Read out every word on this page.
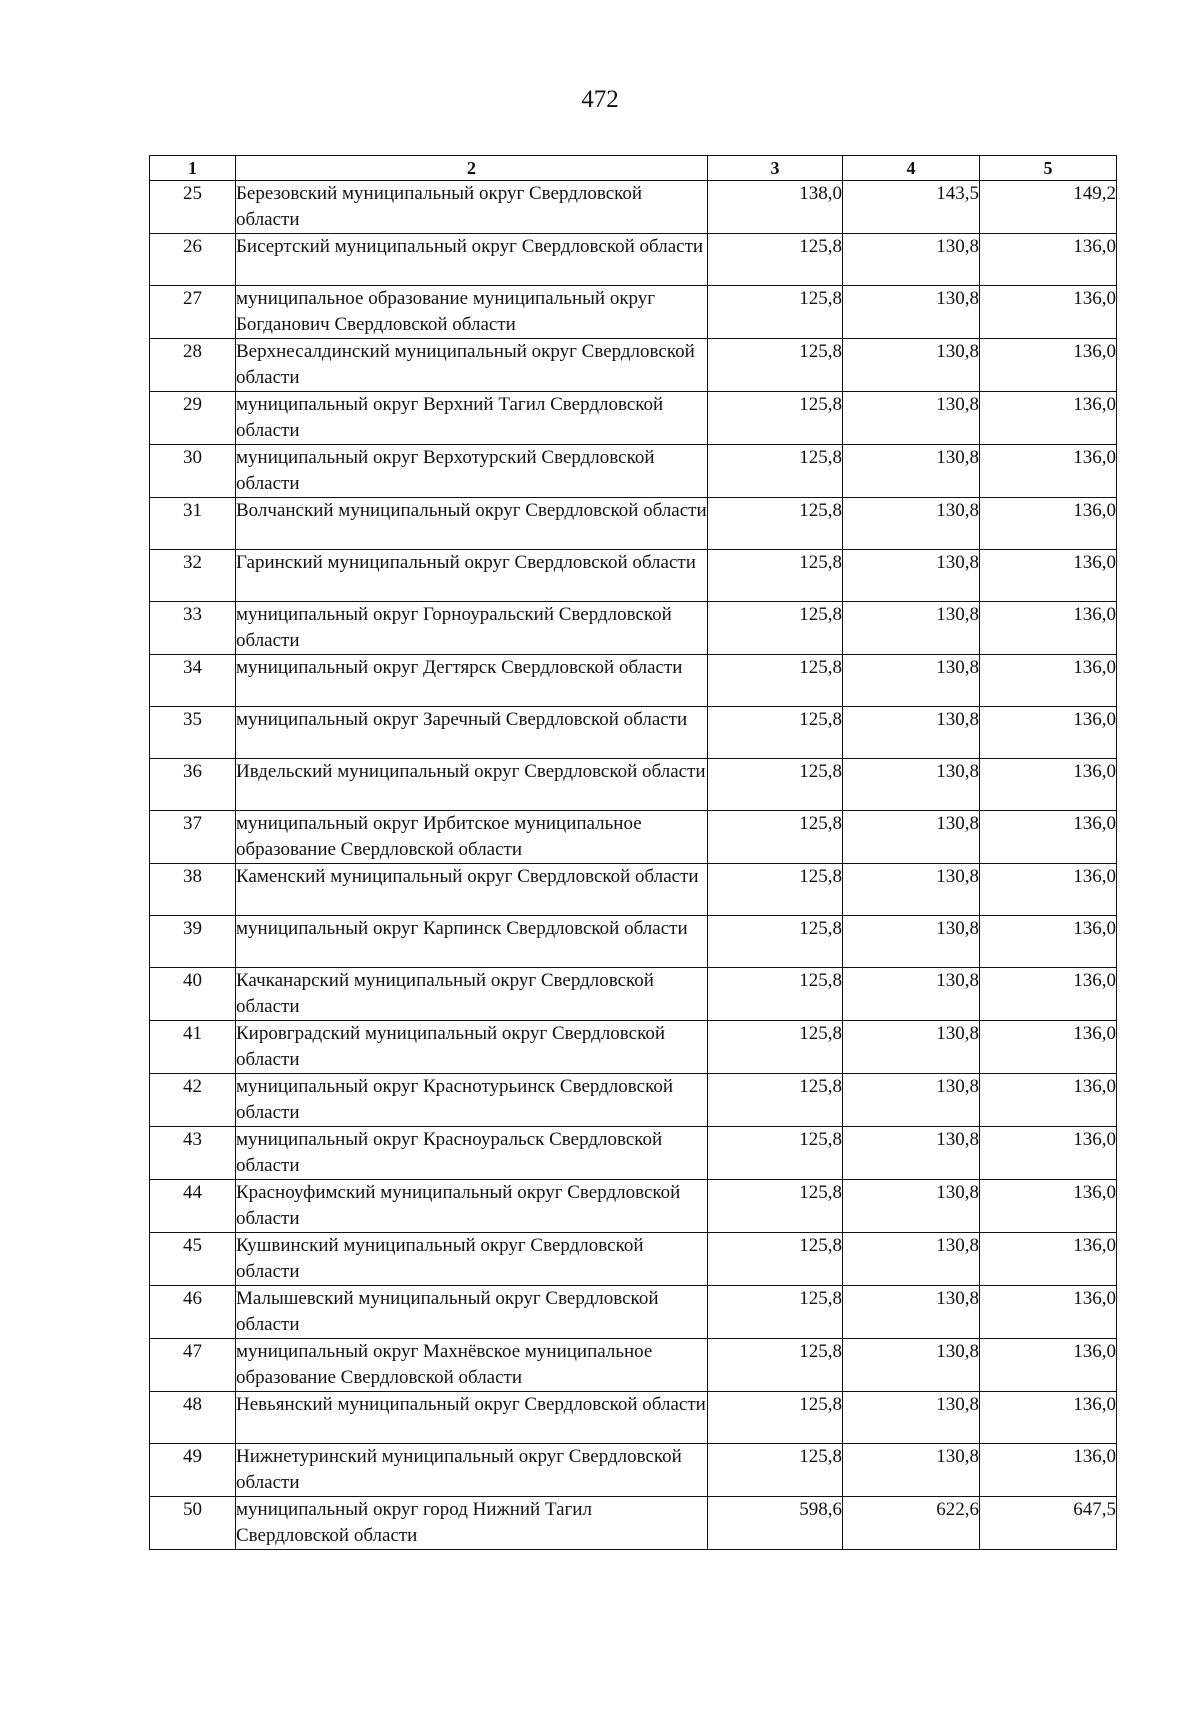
472
1	2	3	4	5
25	Березовский муниципальный округ Свердловской области	138,0	143,5	149,2
26	Бисертский муниципальный округ Свердловской области	125,8	130,8	136,0
27	муниципальное образование муниципальный округ Богданович Свердловской области	125,8	130,8	136,0
28	Верхнесалдинский муниципальный округ Свердловской области	125,8	130,8	136,0
29	муниципальный округ Верхний Тагил Свердловской области	125,8	130,8	136,0
30	муниципальный округ Верхотурский Свердловской области	125,8	130,8	136,0
31	Волчанский муниципальный округ Свердловской области	125,8	130,8	136,0
32	Гаринский муниципальный округ Свердловской области	125,8	130,8	136,0
33	муниципальный округ Горноуральский Свердловской области	125,8	130,8	136,0
34	муниципальный округ Дегтярск Свердловской области	125,8	130,8	136,0
35	муниципальный округ Заречный Свердловской области	125,8	130,8	136,0
36	Ивдельский муниципальный округ Свердловской области	125,8	130,8	136,0
37	муниципальный округ Ирбитское муниципальное образование Свердловской области	125,8	130,8	136,0
38	Каменский муниципальный округ Свердловской области	125,8	130,8	136,0
39	муниципальный округ Карпинск Свердловской области	125,8	130,8	136,0
40	Качканарский муниципальный округ Свердловской области	125,8	130,8	136,0
41	Кировградский муниципальный округ Свердловской области	125,8	130,8	136,0
42	муниципальный округ Краснотурьинск Свердловской области	125,8	130,8	136,0
43	муниципальный округ Красноуральск Свердловской области	125,8	130,8	136,0
44	Красноуфимский муниципальный округ Свердловской области	125,8	130,8	136,0
45	Кушвинский муниципальный округ Свердловской области	125,8	130,8	136,0
46	Малышевский муниципальный округ Свердловской области	125,8	130,8	136,0
47	муниципальный округ Махнёвское муниципальное образование Свердловской области	125,8	130,8	136,0
48	Невьянский муниципальный округ Свердловской области	125,8	130,8	136,0
49	Нижнетуринский муниципальный округ Свердловской области	125,8	130,8	136,0
50	муниципальный округ город Нижний Тагил Свердловской области	598,6	622,6	647,5
